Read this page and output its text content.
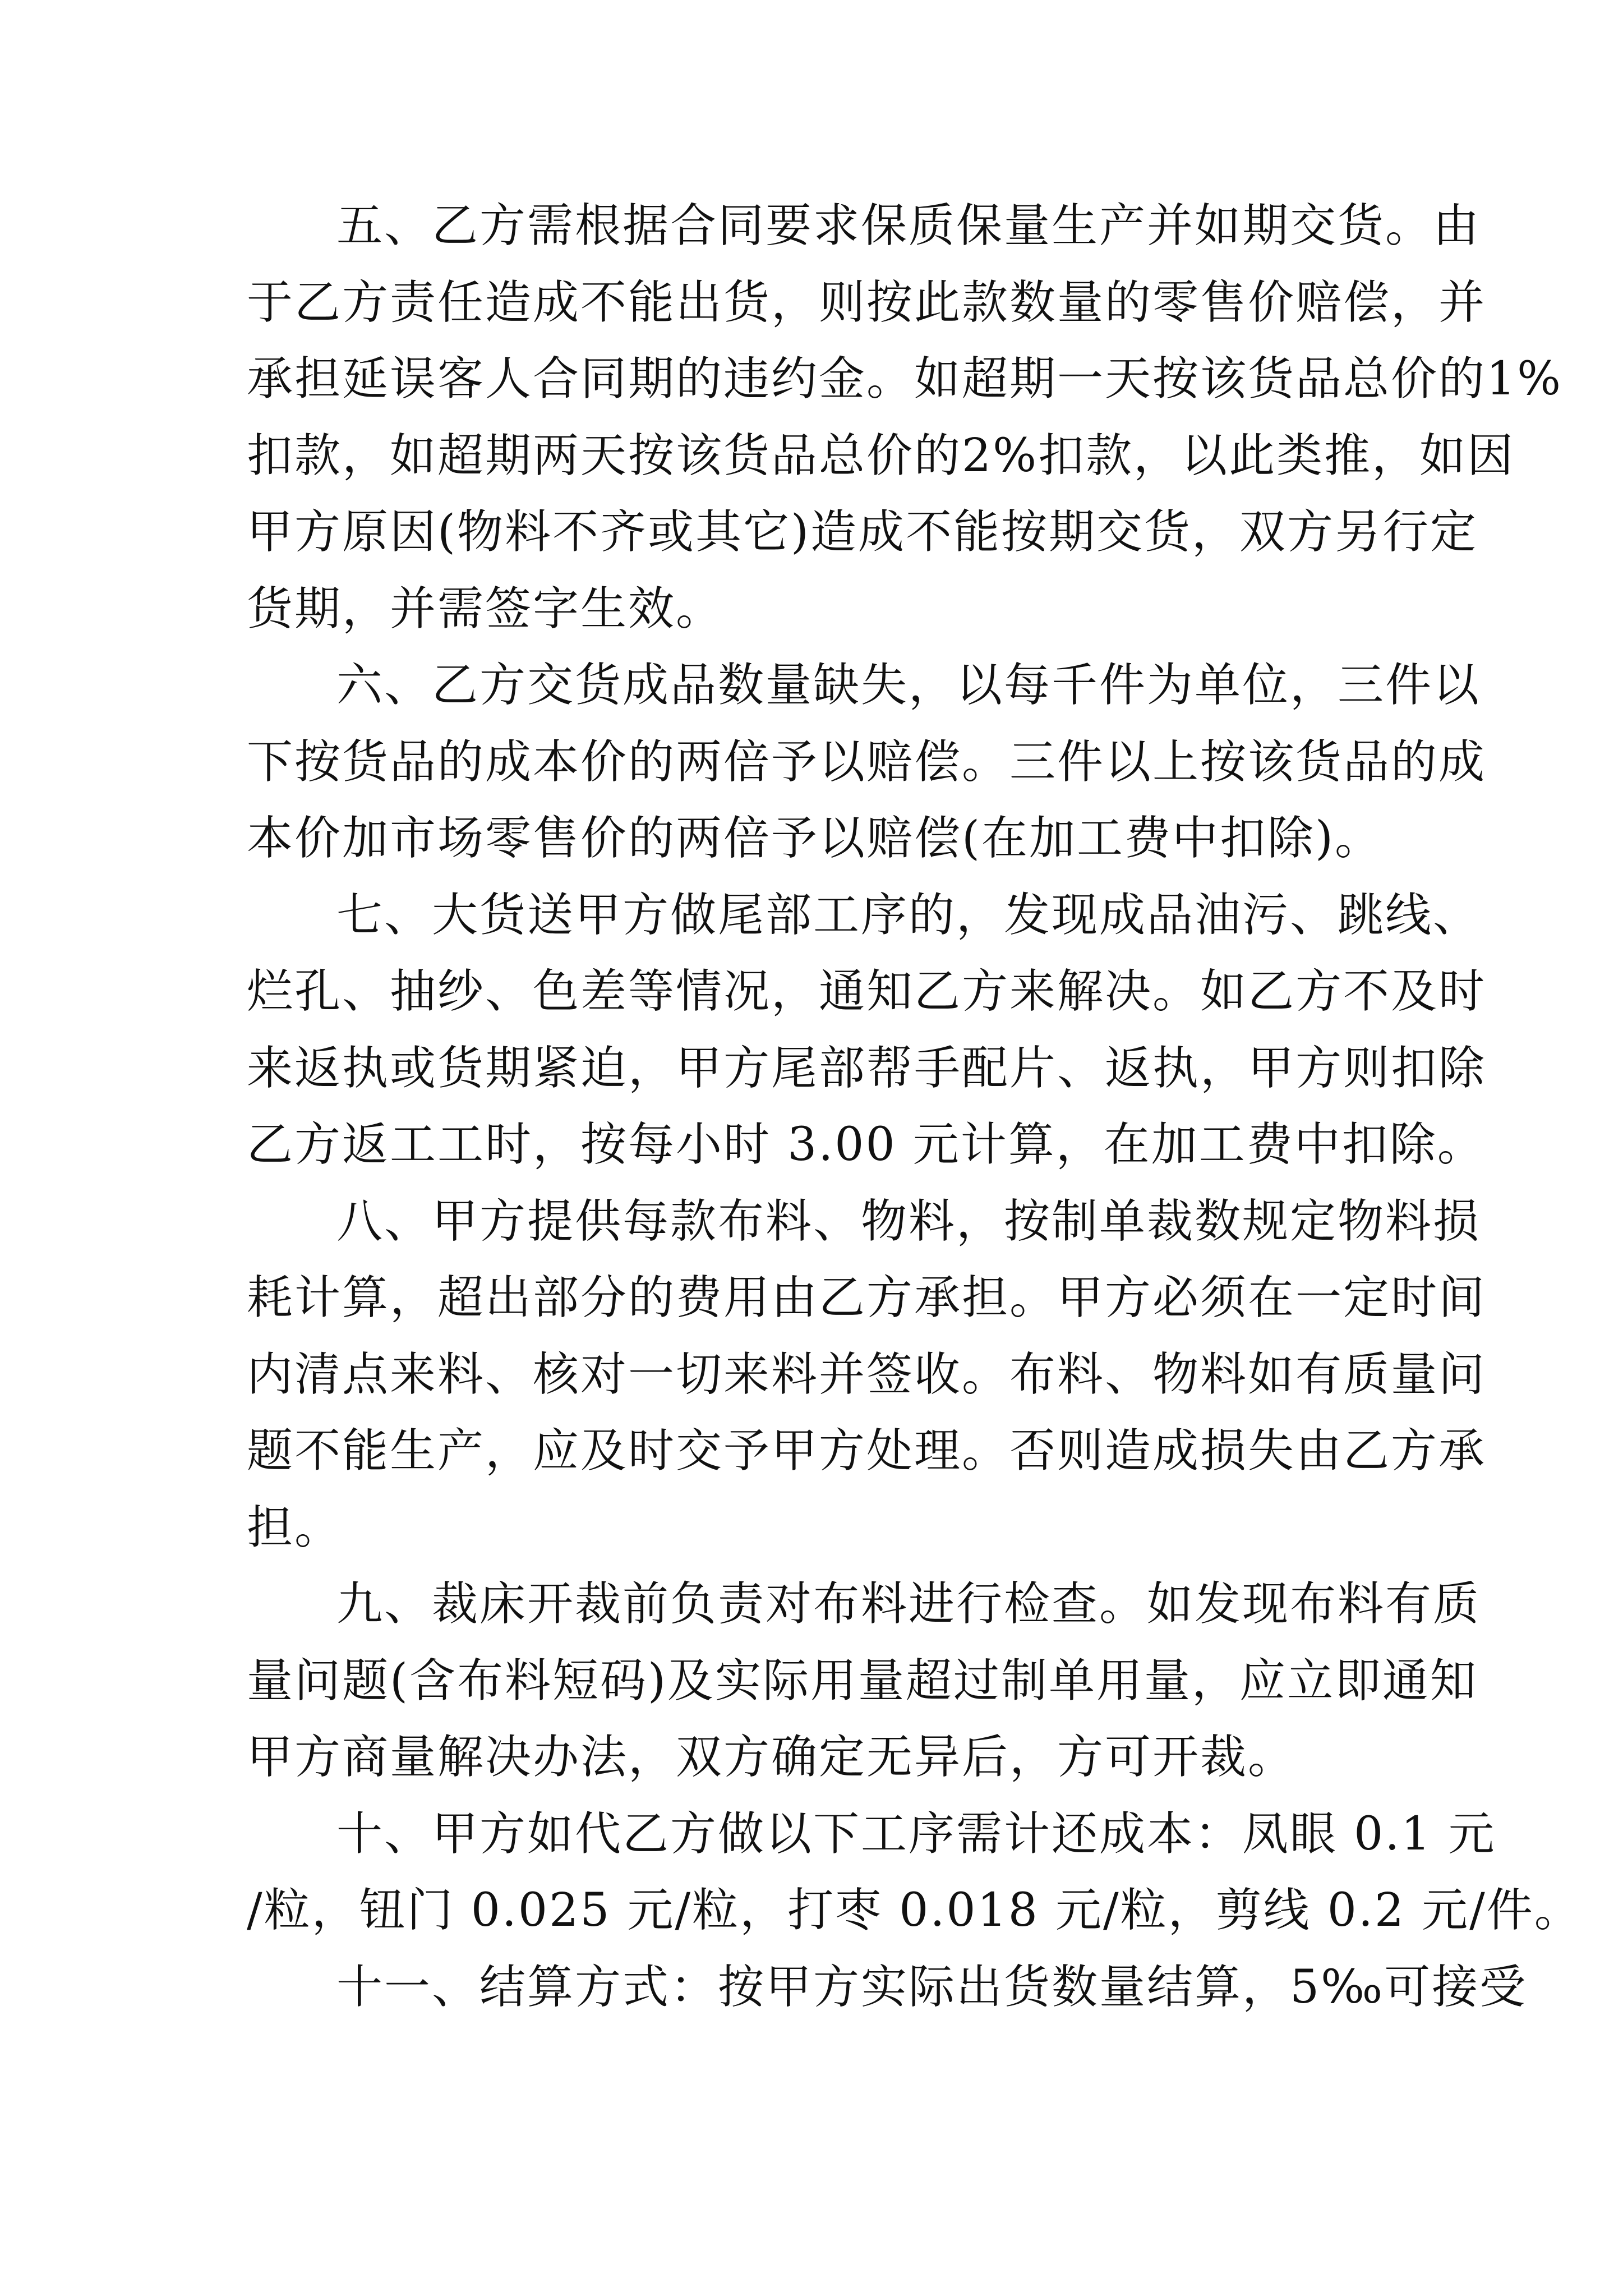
五、乙方需根据合同要求保质保量生产并如期交货。由
于乙方责任造成不能出货，则按此款数量的零售价赔偿，并
承担延误客人合同期的违约金。如超期一天按该货品总价的1%
扣款，如超期两天按该货品总价的2%扣款，以此类推，如因
甲方原因(物料不齐或其它)造成不能按期交货，双方另行定
货期，并需签字生效。
六、乙方交货成品数量缺失，以每千件为单位，三件以
下按货品的成本价的两倍予以赔偿。三件以上按该货品的成
本价加市场零售价的两倍予以赔偿(在加工费中扣除)。
七、大货送甲方做尾部工序的，发现成品油污、跳线、
烂孔、抽纱、色差等情况，通知乙方来解决。如乙方不及时
来返执或货期紧迫，甲方尾部帮手配片、返执，甲方则扣除
乙方返工工时，按每小时 3.00 元计算，在加工费中扣除。
八、甲方提供每款布料、物料，按制单裁数规定物料损
耗计算，超出部分的费用由乙方承担。甲方必须在一定时间
内清点来料、核对一切来料并签收。布料、物料如有质量问
题不能生产，应及时交予甲方处理。否则造成损失由乙方承
担。
九、裁床开裁前负责对布料进行检查。如发现布料有质
量问题(含布料短码)及实际用量超过制单用量，应立即通知
甲方商量解决办法，双方确定无异后，方可开裁。
十、甲方如代乙方做以下工序需计还成本：凤眼 0.1 元
/粒，钮门 0.025 元/粒，打枣 0.018 元/粒，剪线 0.2 元/件。
十一、结算方式：按甲方实际出货数量结算，5‰可接受
